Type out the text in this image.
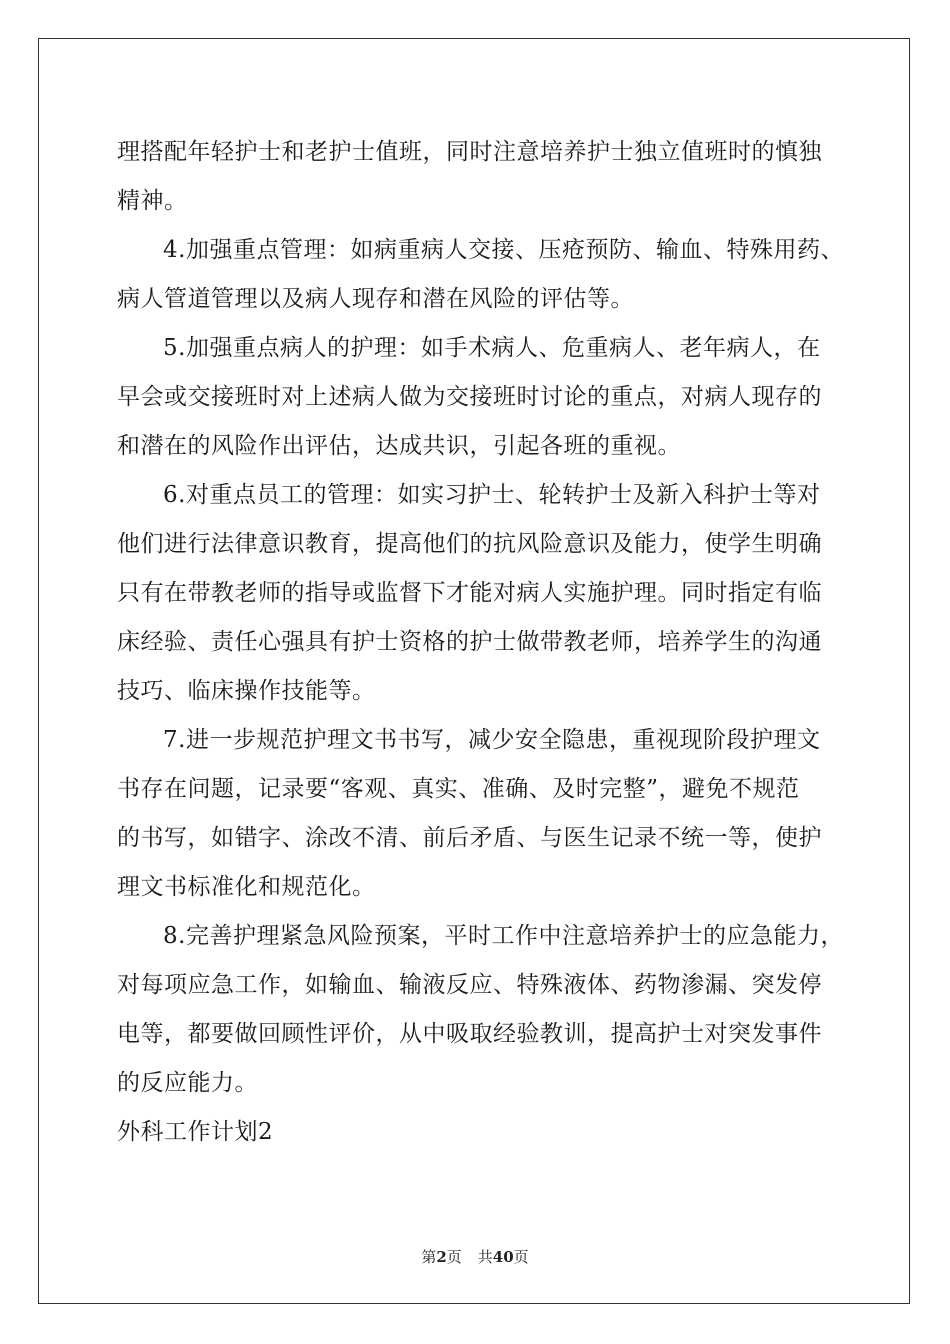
理搭配年轻护士和老护士值班，同时注意培养护士独立值班时的慎独
精神。
4.加强重点管理：如病重病人交接、压疮预防、输血、特殊用药、
病人管道管理以及病人现存和潜在风险的评估等。
5.加强重点病人的护理：如手术病人、危重病人、老年病人，在
早会或交接班时对上述病人做为交接班时讨论的重点，对病人现存的
和潜在的风险作出评估，达成共识，引起各班的重视。
6.对重点员工的管理：如实习护士、轮转护士及新入科护士等对
他们进行法律意识教育，提高他们的抗风险意识及能力，使学生明确
只有在带教老师的指导或监督下才能对病人实施护理。同时指定有临
床经验、责任心强具有护士资格的护士做带教老师，培养学生的沟通
技巧、临床操作技能等。
7.进一步规范护理文书书写，减少安全隐患，重视现阶段护理文
书存在问题，记录要“客观、真实、准确、及时完整”，避免不规范
的书写，如错字、涂改不清、前后矛盾、与医生记录不统一等，使护
理文书标准化和规范化。
8.完善护理紧急风险预案，平时工作中注意培养护士的应急能力，
对每项应急工作，如输血、输液反应、特殊液体、药物渗漏、突发停
电等，都要做回顾性评价，从中吸取经验教训，提高护士对突发事件
的反应能力。
外科工作计划2
第2页 共40页
